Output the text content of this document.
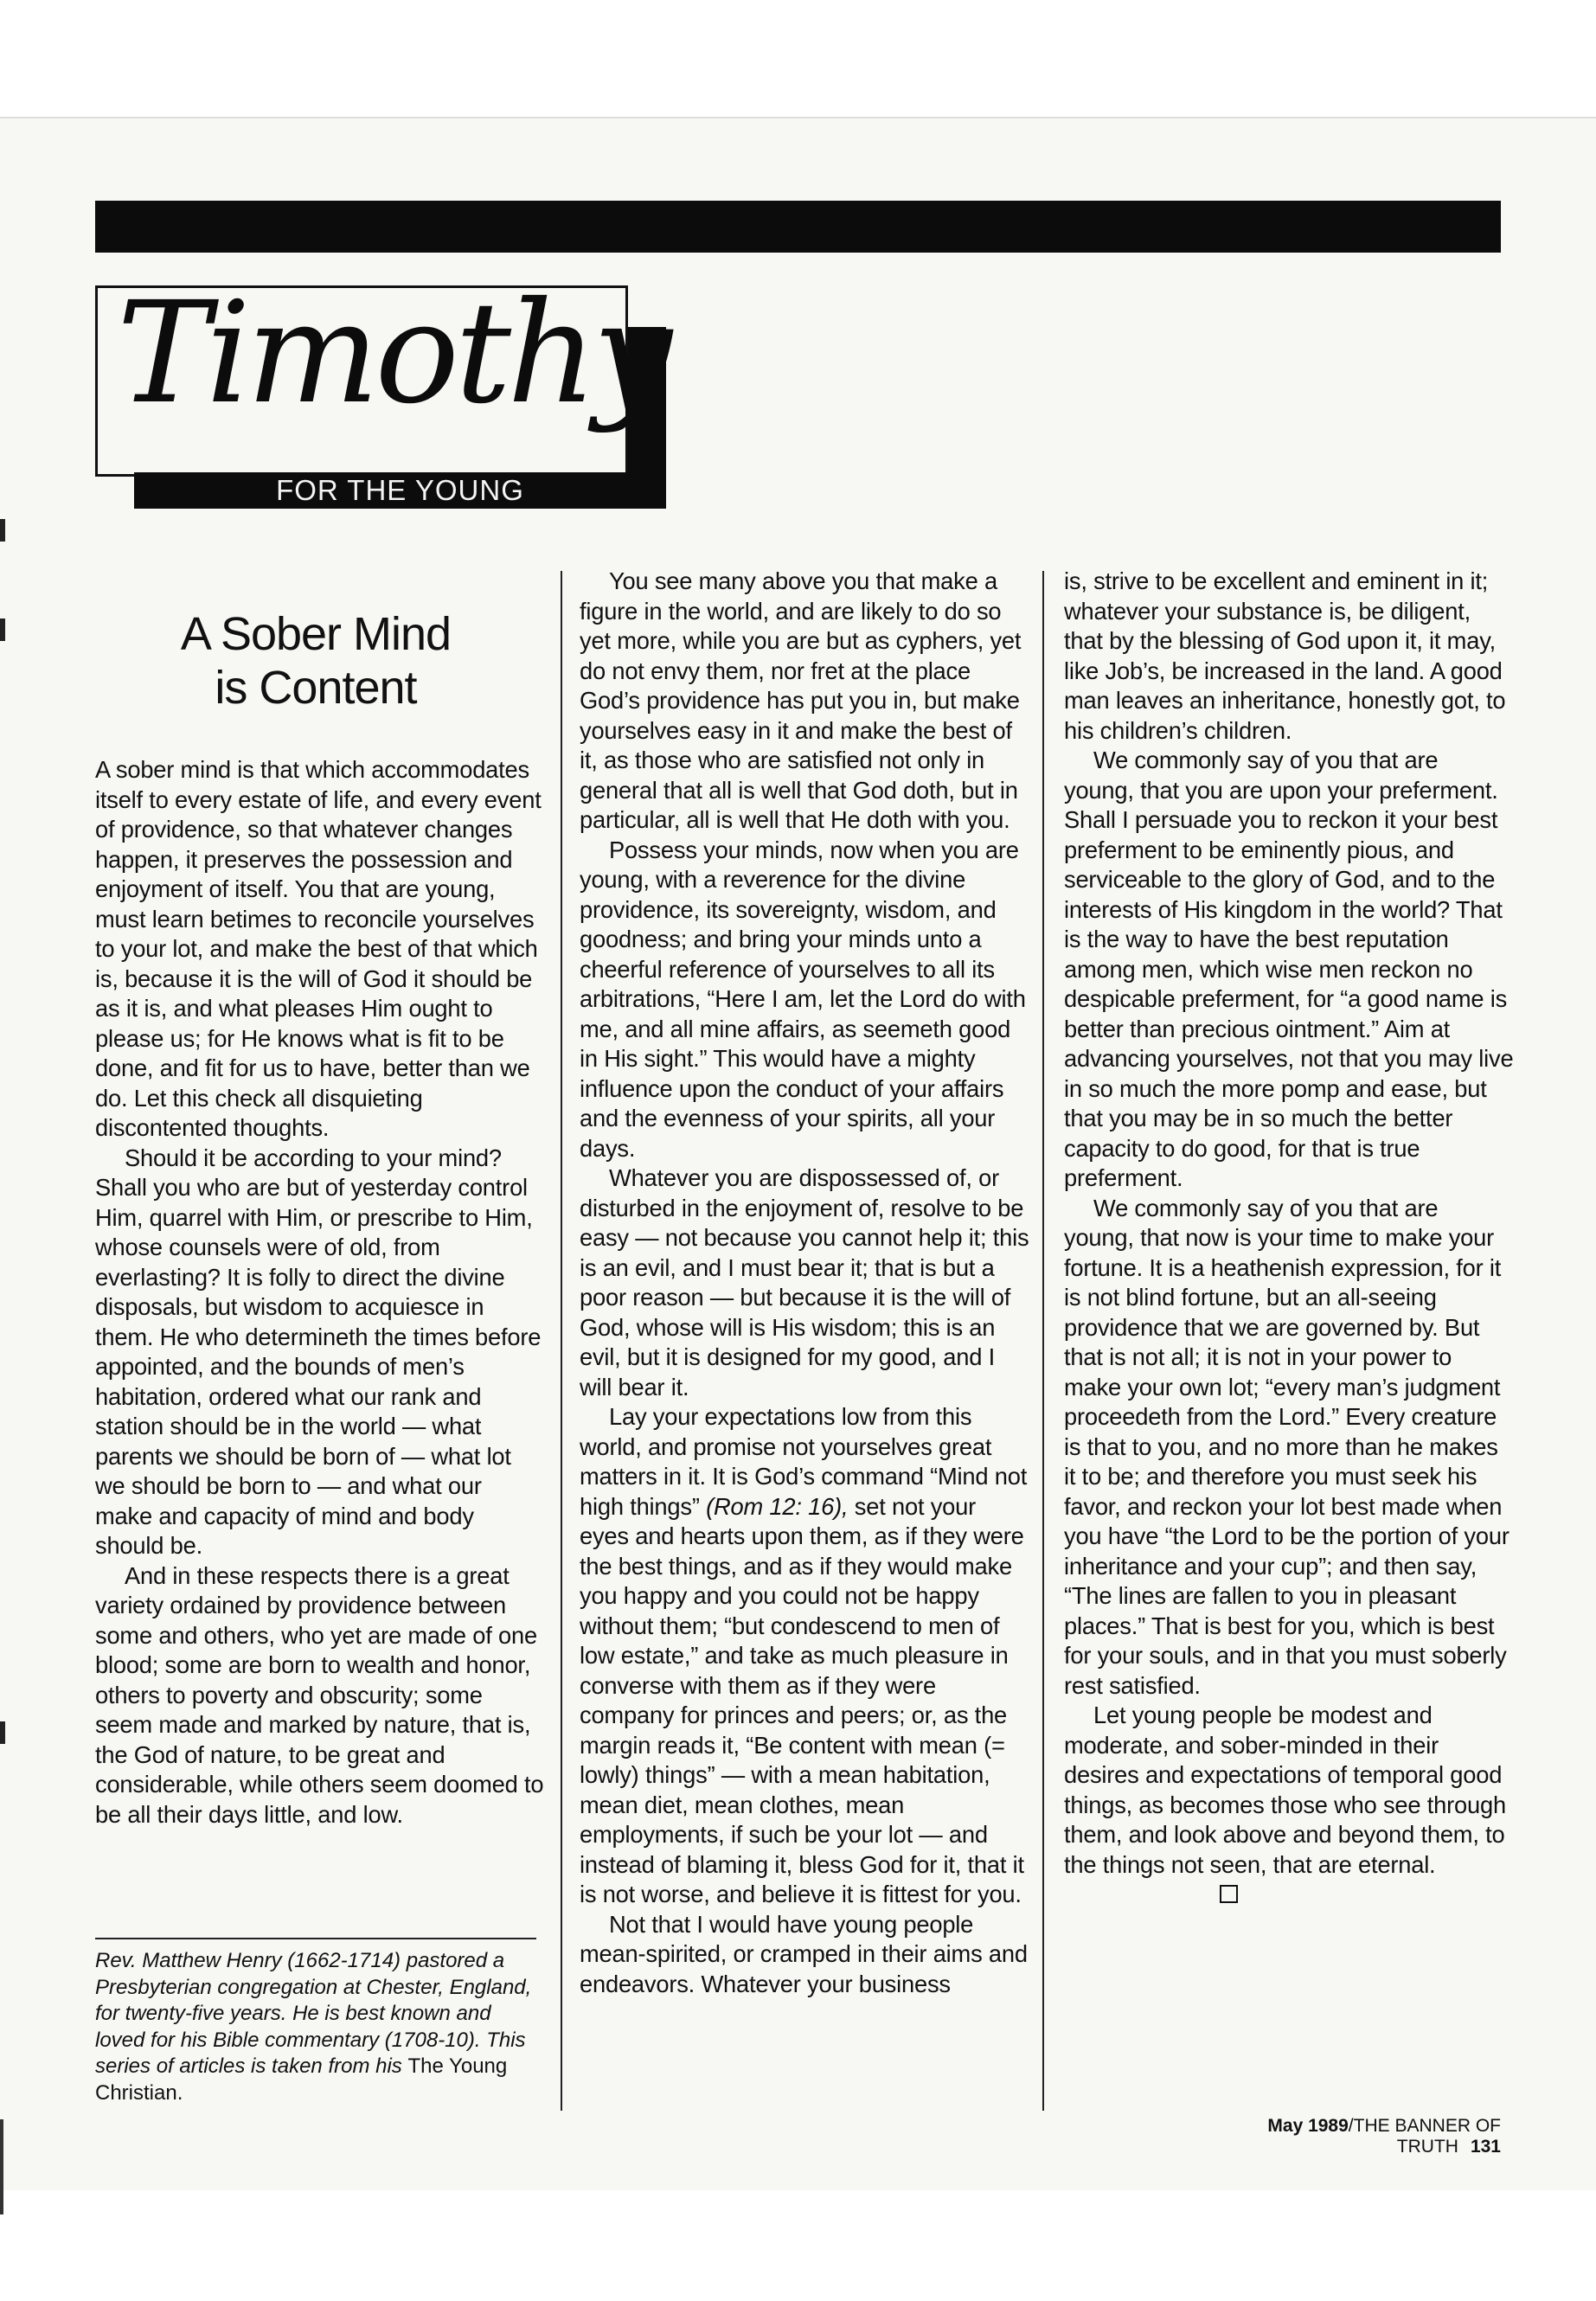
Timothy
FOR THE YOUNG
A Sober Mind
is Content

A sober mind is that which accommodates itself to every estate of life, and every event of providence, so that whatever changes happen, it preserves the possession and enjoyment of itself. You that are young, must learn betimes to reconcile yourselves to your lot, and make the best of that which is, because it is the will of God it should be as it is, and what pleases Him ought to please us; for He knows what is fit to be done, and fit for us to have, better than we do. Let this check all disquieting discontented thoughts.

Should it be according to your mind? Shall you who are but of yesterday control Him, quarrel with Him, or prescribe to Him, whose counsels were of old, from everlasting? It is folly to direct the divine disposals, but wisdom to acquiesce in them. He who determineth the times before appointed, and the bounds of men’s habitation, ordered what our rank and station should be in the world — what parents we should be born of — what lot we should be born to — and what our make and capacity of mind and body should be.

And in these respects there is a great variety ordained by providence between some and others, who yet are made of one blood; some are born to wealth and honor, others to poverty and obscurity; some seem made and marked by nature, that is, the God of nature, to be great and considerable, while others seem doomed to be all their days little, and low.

Rev. Matthew Henry (1662-1714) pastored a Presbyterian congregation at Chester, England, for twenty-five years. He is best known and loved for his Bible commentary (1708-10). This series of articles is taken from his The Young Christian.

You see many above you that make a figure in the world, and are likely to do so yet more, while you are but as cyphers, yet do not envy them, nor fret at the place God’s providence has put you in, but make yourselves easy in it and make the best of it, as those who are satisfied not only in general that all is well that God doth, but in particular, all is well that He doth with you.

Possess your minds, now when you are young, with a reverence for the divine providence, its sovereignty, wisdom, and goodness; and bring your minds unto a cheerful reference of yourselves to all its arbitrations, “Here I am, let the Lord do with me, and all mine affairs, as seemeth good in His sight.” This would have a mighty influence upon the conduct of your affairs and the evenness of your spirits, all your days.

Whatever you are dispossessed of, or disturbed in the enjoyment of, resolve to be easy — not because you cannot help it; this is an evil, and I must bear it; that is but a poor reason — but because it is the will of God, whose will is His wisdom; this is an evil, but it is designed for my good, and I will bear it.

Lay your expectations low from this world, and promise not yourselves great matters in it. It is God’s command “Mind not high things” (Rom 12: 16), set not your eyes and hearts upon them, as if they were the best things, and as if they would make you happy and you could not be happy without them; “but condescend to men of low estate,” and take as much pleasure in converse with them as if they were company for princes and peers; or, as the margin reads it, “Be content with mean (= lowly) things” — with a mean habitation, mean diet, mean clothes, mean employments, if such be your lot — and instead of blaming it, bless God for it, that it is not worse, and believe it is fittest for you.

Not that I would have young people mean-spirited, or cramped in their aims and endeavors. Whatever your business

is, strive to be excellent and eminent in it; whatever your substance is, be diligent, that by the blessing of God upon it, it may, like Job’s, be increased in the land. A good man leaves an inheritance, honestly got, to his children’s children.

We commonly say of you that are young, that you are upon your preferment. Shall I persuade you to reckon it your best preferment to be eminently pious, and serviceable to the glory of God, and to the interests of His kingdom in the world? That is the way to have the best reputation among men, which wise men reckon no despicable preferment, for “a good name is better than precious ointment.” Aim at advancing yourselves, not that you may live in so much the more pomp and ease, but that you may be in so much the better capacity to do good, for that is true preferment.

We commonly say of you that are young, that now is your time to make your fortune. It is a heathenish expression, for it is not blind fortune, but an all-seeing providence that we are governed by. But that is not all; it is not in your power to make your own lot; “every man’s judgment proceedeth from the Lord.” Every creature is that to you, and no more than he makes it to be; and therefore you must seek his favor, and reckon your lot best made when you have “the Lord to be the portion of your inheritance and your cup”; and then say, “The lines are fallen to you in pleasant places.” That is best for you, which is best for your souls, and in that you must soberly rest satisfied.

Let young people be modest and moderate, and sober-minded in their desires and expectations of temporal good things, as becomes those who see through them, and look above and beyond them, to the things not seen, that are eternal.

May 1989/THE BANNER OF TRUTH 131
